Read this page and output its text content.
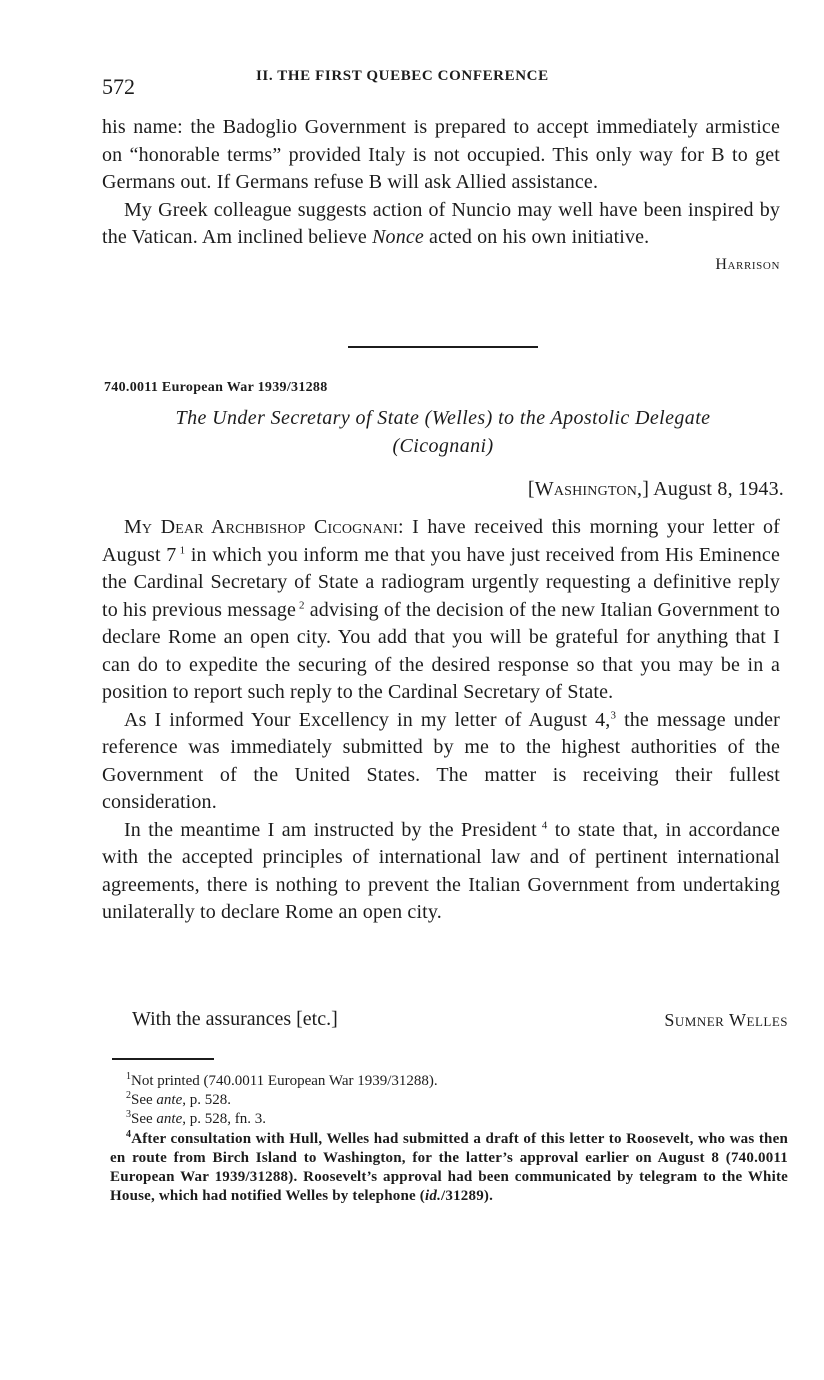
572	II. THE FIRST QUEBEC CONFERENCE

his name: the Badoglio Government is prepared to accept immediately armistice on “honorable terms” provided Italy is not occupied. This only way for B to get Germans out. If Germans refuse B will ask Allied assistance.

My Greek colleague suggests action of Nuncio may well have been inspired by the Vatican. Am inclined believe Nonce acted on his own initiative.

Harrison
740.0011 European War 1939/31288
The Under Secretary of State (Welles) to the Apostolic Delegate
(Cicognani)
[Washington,] August 8, 1943.

My Dear Archbishop Cicognani: I have received this morning your letter of August 7 $^1$ in which you inform me that you have just received from His Eminence the Cardinal Secretary of State a radiogram urgently requesting a definitive reply to his previous message $^2$ advising of the decision of the new Italian Government to declare Rome an open city. You add that you will be grateful for anything that I can do to expedite the securing of the desired response so that you may be in a position to report such reply to the Cardinal Secretary of State.

As I informed Your Excellency in my letter of August 4,$^3$ the message under reference was immediately submitted by me to the highest authorities of the Government of the United States. The matter is receiving their fullest consideration.

In the meantime I am instructed by the President $^4$ to state that, in accordance with the accepted principles of international law and of pertinent international agreements, there is nothing to prevent the Italian Government from undertaking unilaterally to declare Rome an open city.

With the assurances [etc.]	Sumner Welles

$^1$Not printed (740.0011 European War 1939/31288).

$^2$See ante, p. 528.

$^3$See ante, p. 528, fn. 3.

$^4$After consultation with Hull, Welles had submitted a draft of this letter to Roosevelt, who was then en route from Birch Island to Washington, for the latter’s approval earlier on August 8 (740.0011 European War 1939/31288). Roosevelt’s approval had been communicated by telegram to the White House, which had notified Welles by telephone (id./31289).
